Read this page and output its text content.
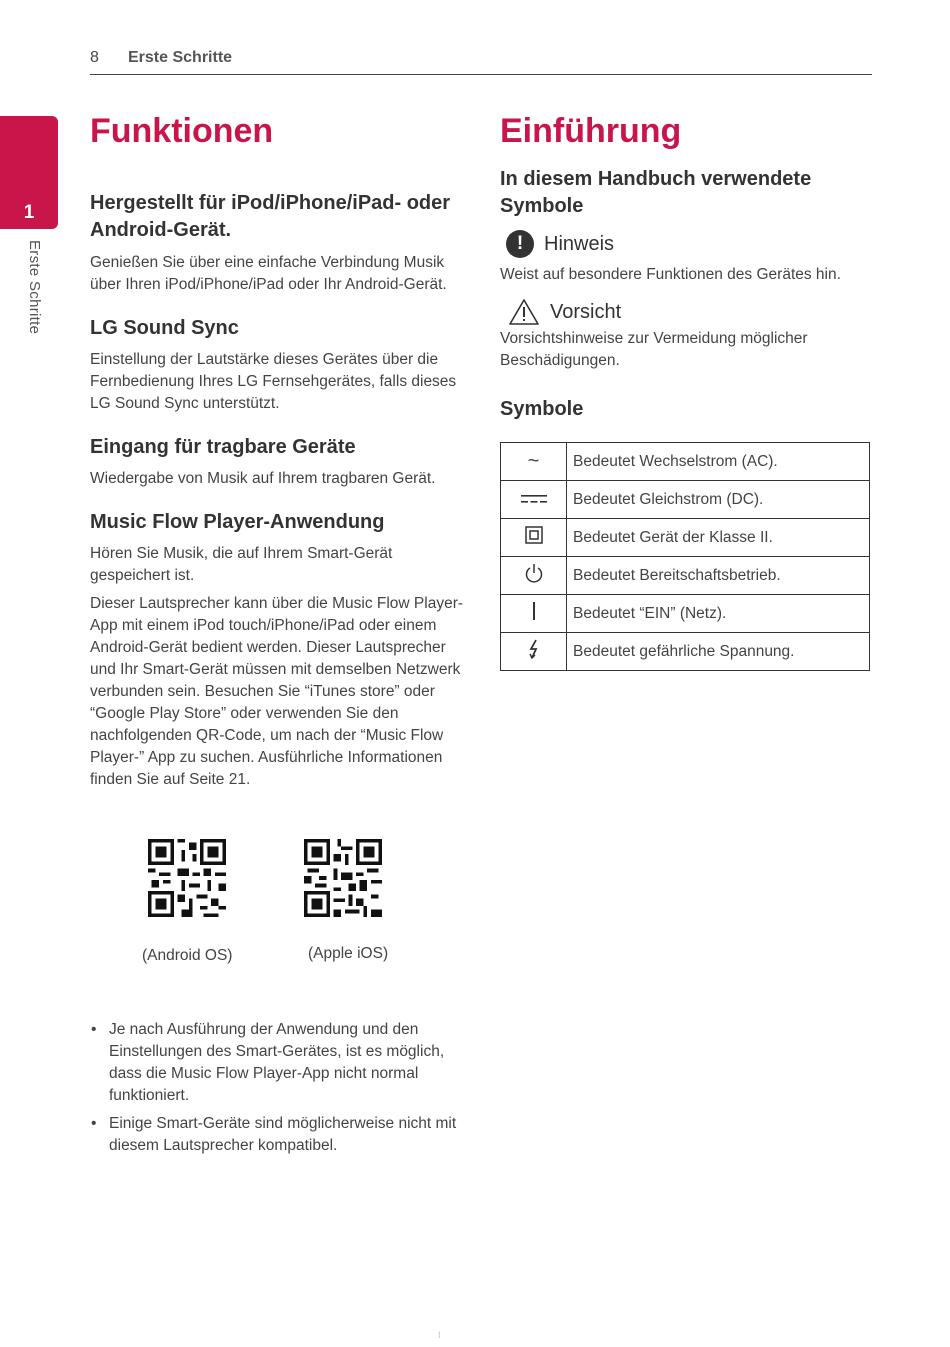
8 Erste Schritte
1
Erste Schritte
Funktionen
Hergestellt für iPod/iPhone/iPad- oder Android-Gerät.

Genießen Sie über eine einfache Verbindung Musik über Ihren iPod/iPhone/iPad oder Ihr Android-Gerät.

LG Sound Sync

Einstellung der Lautstärke dieses Gerätes über die Fernbedienung Ihres LG Fernsehgerätes, falls dieses LG Sound Sync unterstützt.

Eingang für tragbare Geräte

Wiedergabe von Musik auf Ihrem tragbaren Gerät.

Music Flow Player-Anwendung

Hören Sie Musik, die auf Ihrem Smart-Gerät gespeichert ist.

Dieser Lautsprecher kann über die Music Flow Player-App mit einem iPod touch/iPhone/iPad oder einem Android-Gerät bedient werden. Dieser Lautsprecher und Ihr Smart-Gerät müssen mit demselben Netzwerk verbunden sein. Besuchen Sie “iTunes store” oder “Google Play Store” oder verwenden Sie den nachfolgenden QR-Code, um nach der “Music Flow Player-” App zu suchen. Ausführliche Informationen finden Sie auf Seite 21.

(Android OS)	(Apple iOS)
• Je nach Ausführung der Anwendung und den Einstellungen des Smart-Gerätes, ist es möglich, dass die Music Flow Player-App nicht normal funktioniert.
• Einige Smart-Geräte sind möglicherweise nicht mit diesem Lautsprecher kompatibel.
Einführung
In diesem Handbuch verwendete Symbole
!	Hinweis

Weist auf besondere Funktionen des Gerätes hin.

Vorsicht

Vorsichtshinweise zur Vermeidung möglicher Beschädigungen.

Symbole
~	Bedeutet Wechselstrom (AC).
	Bedeutet Gleichstrom (DC).
	Bedeutet Gerät der Klasse II.
	Bedeutet Bereitschaftsbetrieb.
	Bedeutet “EIN” (Netz).
	Bedeutet gefährliche Spannung.
⁝
